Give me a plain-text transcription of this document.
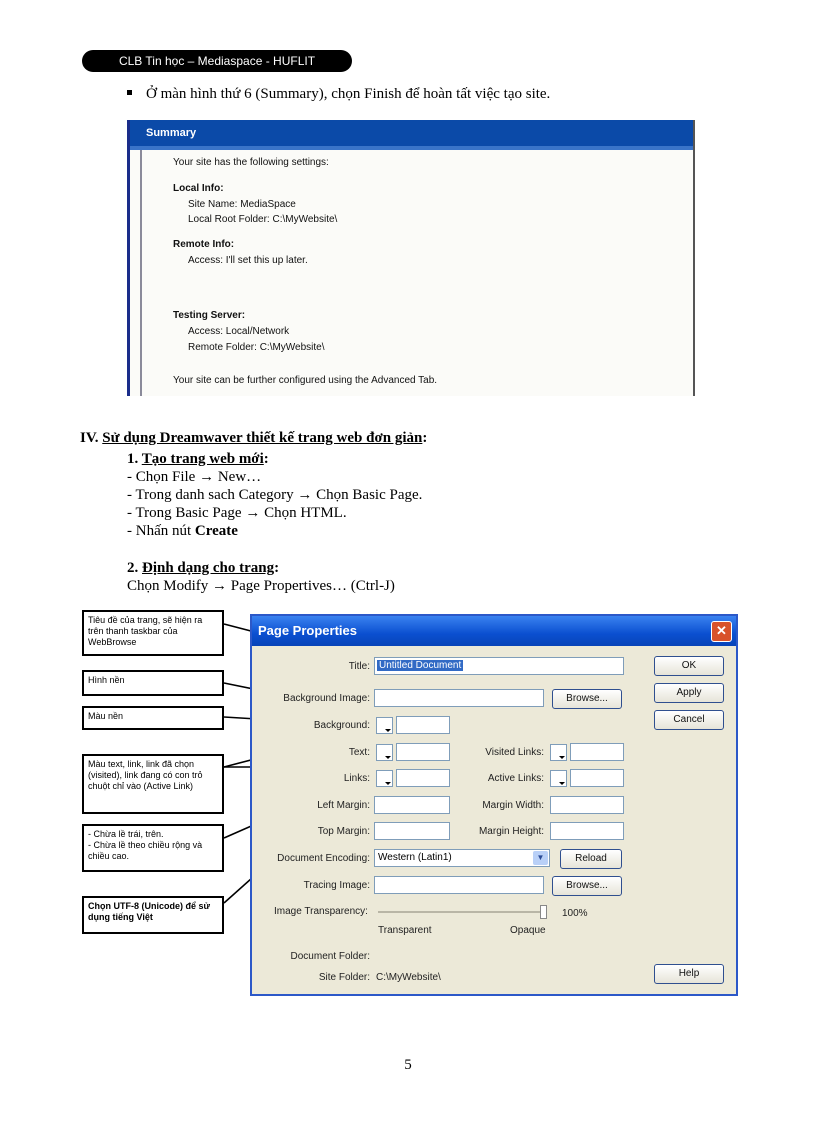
CLB Tin học – Mediaspace - HUFLIT
Ở màn hình thứ 6 (Summary), chọn Finish để hoàn tất việc tạo site.
Summary
Your site has the following settings:
Local Info:
Site Name: MediaSpace
Local Root Folder: C:\MyWebsite\
Remote Info:
Access: I'll set this up later.
Testing Server:
Access: Local/Network
Remote Folder: C:\MyWebsite\
Your site can be further configured using the Advanced Tab.
IV. Sử dụng Dreamwaver thiết kế trang web đơn giản:
1. Tạo trang web mới:
- Chọn File → New…
- Trong danh sach Category → Chọn Basic Page.
- Trong Basic Page → Chọn HTML.
- Nhấn nút Create
2. Định dạng cho trang:
Chọn Modify → Page Propertives… (Ctrl-J)
Tiêu đề của trang, sẽ hiện ra trên thanh taskbar của WebBrowse
Hình nền
Màu nền
Màu text, link, link đã chọn (visited), link đang có con trỏ chuột chỉ vào (Active Link)
- Chừa lề trái, trên.
- Chừa lề theo chiều rộng và chiều cao.
Chọn UTF-8 (Unicode) để sử dụng tiếng Việt
Page Properties	✕
Title: Untitled Document
Background Image:	Browse...
Background:
Text:	Visited Links:
Links:	Active Links:
Left Margin:	Margin Width:
Top Margin:	Margin Height:
Document Encoding: Western (Latin1)	▼	Reload
Tracing Image:	Browse...
Image Transparency:	100%
Transparent	Opaque
Document Folder:
Site Folder: C:\MyWebsite\
OK
Apply
Cancel
Help
5
